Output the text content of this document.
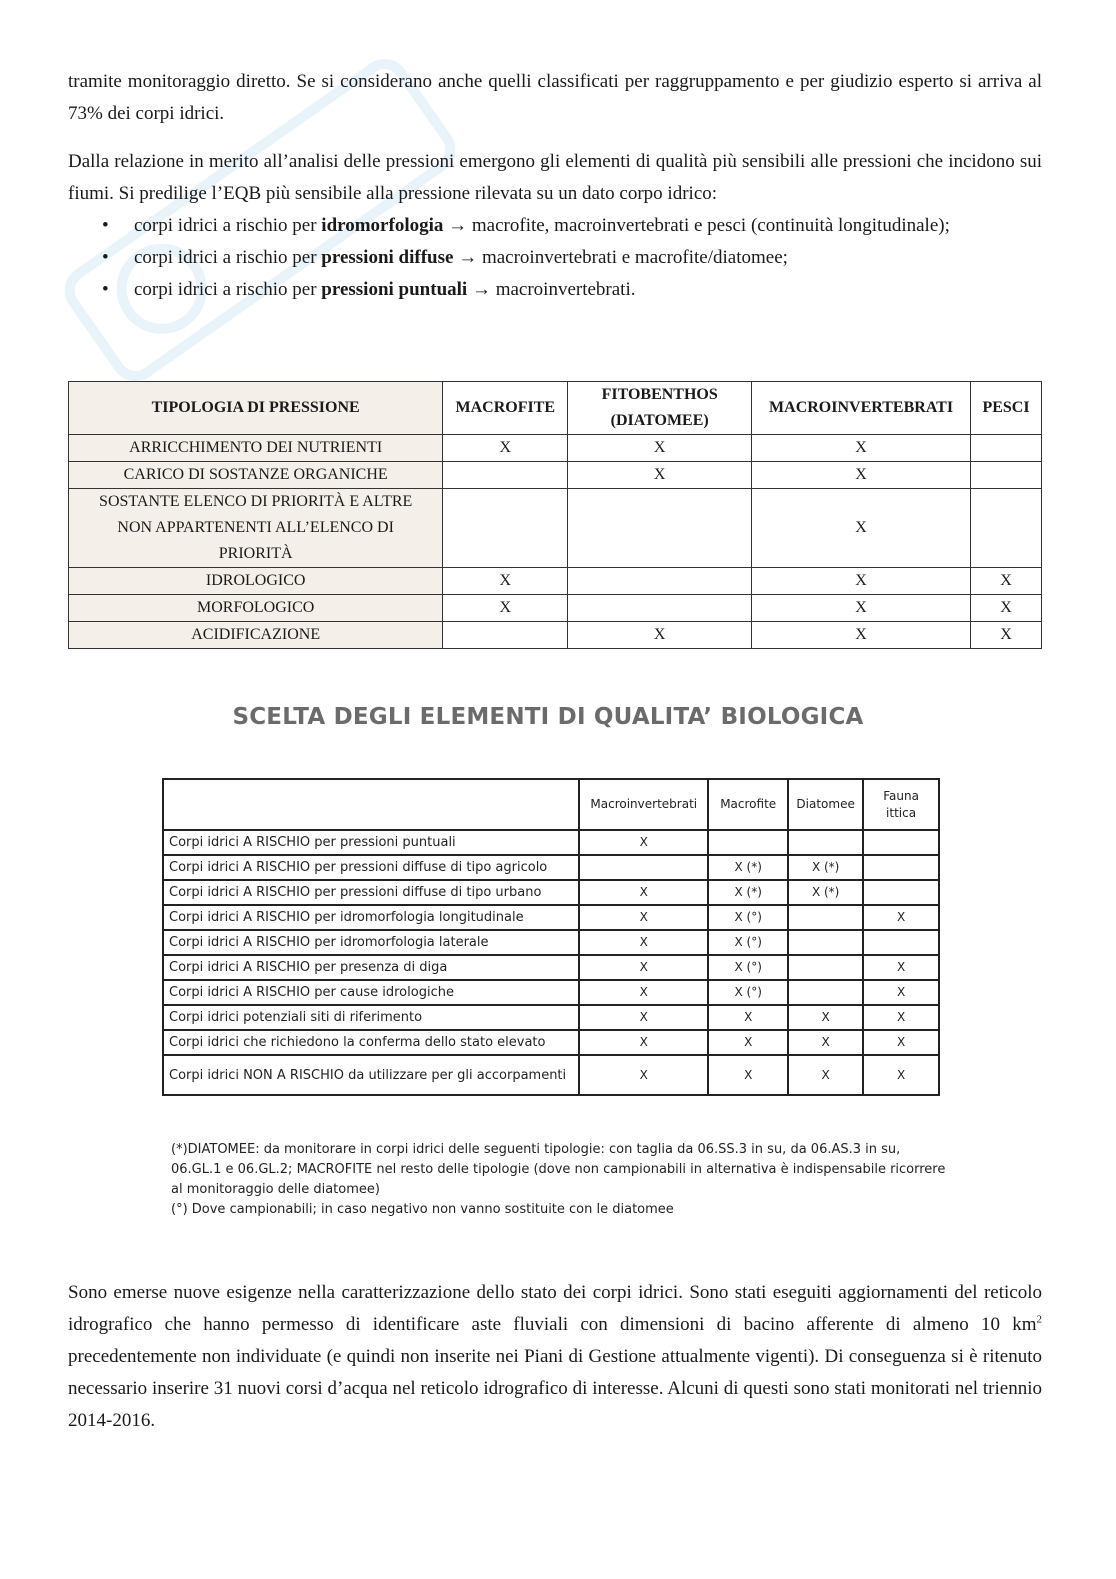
tramite monitoraggio diretto. Se si considerano anche quelli classificati per raggruppamento e per giudizio esperto si arriva al 73% dei corpi idrici.

Dalla relazione in merito all’analisi delle pressioni emergono gli elementi di qualità più sensibili alle pressioni che incidono sui fiumi. Si predilige l’EQB più sensibile alla pressione rilevata su un dato corpo idrico:

• corpi idrici a rischio per idromorfologia → macrofite, macroinvertebrati e pesci (continuità longitudinale);
• corpi idrici a rischio per pressioni diffuse → macroinvertebrati e macrofite/diatomee;
• corpi idrici a rischio per pressioni puntuali → macroinvertebrati.
TIPOLOGIA DI PRESSIONE	MACROFITE	FITOBENTHOS (DIATOMEE)	MACROINVERTEBRATI	PESCI
ARRICCHIMENTO DEI NUTRIENTI	X	X	X	
CARICO DI SOSTANZE ORGANICHE		X	X	
SOSTANTE ELENCO DI PRIORITÀ E ALTRE NON APPARTENENTI ALL’ELENCO DI PRIORITÀ			X	
IDROLOGICO	X		X	X
MORFOLOGICO	X		X	X
ACIDIFICAZIONE		X	X	X
SCELTA DEGLI ELEMENTI DI QUALITA’ BIOLOGICA
	Macroinvertebrati	Macrofite	Diatomee	Fauna ittica
Corpi idrici A RISCHIO per pressioni puntuali	X			
Corpi idrici A RISCHIO per pressioni diffuse di tipo agricolo		X (*)	X (*)	
Corpi idrici A RISCHIO per pressioni diffuse di tipo urbano	X	X (*)	X (*)	
Corpi idrici A RISCHIO per idromorfologia longitudinale	X	X (°)		X
Corpi idrici A RISCHIO per idromorfologia laterale	X	X (°)		
Corpi idrici A RISCHIO per presenza di diga	X	X (°)		X
Corpi idrici A RISCHIO per cause idrologiche	X	X (°)		X
Corpi idrici potenziali siti di riferimento	X	X	X	X
Corpi idrici che richiedono la conferma dello stato elevato	X	X	X	X
Corpi idrici NON A RISCHIO da utilizzare per gli accorpamenti	X	X	X	X

(*)DIATOMEE: da monitorare in corpi idrici delle seguenti tipologie: con taglia da 06.SS.3 in su, da 06.AS.3 in su, 06.GL.1 e 06.GL.2; MACROFITE nel resto delle tipologie (dove non campionabili in alternativa è indispensabile ricorrere al monitoraggio delle diatomee)

(°) Dove campionabili; in caso negativo non vanno sostituite con le diatomee

Sono emerse nuove esigenze nella caratterizzazione dello stato dei corpi idrici. Sono stati eseguiti aggiornamenti del reticolo idrografico che hanno permesso di identificare aste fluviali con dimensioni di bacino afferente di almeno 10 $km^2$ precedentemente non individuate (e quindi non inserite nei Piani di Gestione attualmente vigenti). Di conseguenza si è ritenuto necessario inserire 31 nuovi corsi d’acqua nel reticolo idrografico di interesse. Alcuni di questi sono stati monitorati nel triennio 2014-2016.
